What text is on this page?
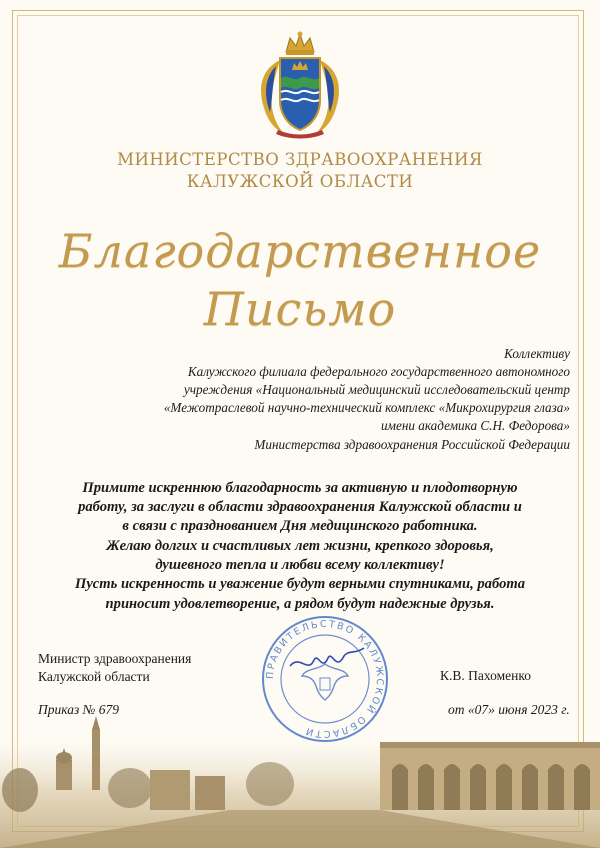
МИНИСТЕРСТВО ЗДРАВООХРАНЕНИЯ
КАЛУЖСКОЙ ОБЛАСТИ
Благодарственное
Письмо
Коллективу
Калужского филиала федерального государственного автономного
учреждения «Национальный медицинский исследовательский центр
«Межотраслевой научно-технический комплекс «Микрохирургия глаза»
имени академика С.Н. Федорова»
Министерства здравоохранения Российской Федерации
Примите искреннюю благодарность за активную и плодотворную
работу, за заслуги в области здравоохранения Калужской области и
в связи с празднованием Дня медицинского работника.
Желаю долгих и счастливых лет жизни, крепкого здоровья,
душевного тепла и любви всему коллективу!
Пусть искренность и уважение будут верными спутниками, работа
приносит удовлетворение, а рядом будут надежные друзья.
Министр здравоохранения
Калужской области	К.В. Пахоменко
Приказ № 679	от «07» июня 2023 г.
ПРАВИТЕЛЬСТВО КАЛУЖСКОЙ ОБЛАСТИ
